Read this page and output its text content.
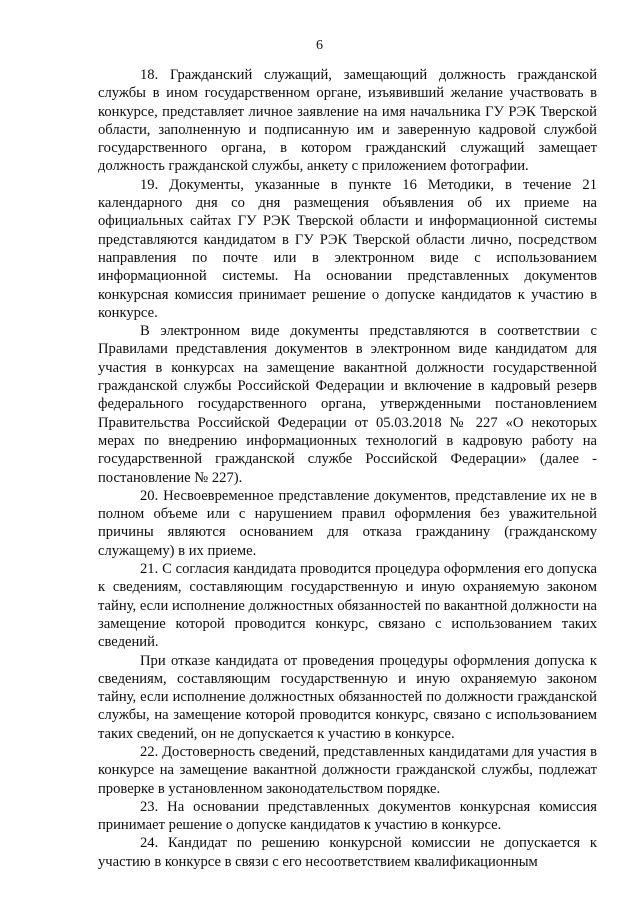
6

18. Гражданский служащий, замещающий должность гражданской службы в ином государственном органе, изъявивший желание участвовать в конкурсе, представляет личное заявление на имя начальника ГУ РЭК Тверской области, заполненную и подписанную им и заверенную кадровой службой государственного органа, в котором гражданский служащий замещает должность гражданской службы, анкету с приложением фотографии.

19. Документы, указанные в пункте 16 Методики, в течение 21 календарного дня со дня размещения объявления об их приеме на официальных сайтах ГУ РЭК Тверской области и информационной системы представляются кандидатом в ГУ РЭК Тверской области лично, посредством направления по почте или в электронном виде с использованием информационной системы. На основании представленных документов конкурсная комиссия принимает решение о допуске кандидатов к участию в конкурсе.

В электронном виде документы представляются в соответствии с Правилами представления документов в электронном виде кандидатом для участия в конкурсах на замещение вакантной должности государственной гражданской службы Российской Федерации и включение в кадровый резерв федерального государственного органа, утвержденными постановлением Правительства Российской Федерации от 05.03.2018 № 227 «О некоторых мерах по внедрению информационных технологий в кадровую работу на государственной гражданской службе Российской Федерации» (далее - постановление № 227).

20. Несвоевременное представление документов, представление их не в полном объеме или с нарушением правил оформления без уважительной причины являются основанием для отказа гражданину (гражданскому служащему) в их приеме.

21. С согласия кандидата проводится процедура оформления его допуска к сведениям, составляющим государственную и иную охраняемую законом тайну, если исполнение должностных обязанностей по вакантной должности на замещение которой проводится конкурс, связано с использованием таких сведений.

При отказе кандидата от проведения процедуры оформления допуска к сведениям, составляющим государственную и иную охраняемую законом тайну, если исполнение должностных обязанностей по должности гражданской службы, на замещение которой проводится конкурс, связано с использованием таких сведений, он не допускается к участию в конкурсе.

22. Достоверность сведений, представленных кандидатами для участия в конкурсе на замещение вакантной должности гражданской службы, подлежат проверке в установленном законодательством порядке.

23. На основании представленных документов конкурсная комиссия принимает решение о допуске кандидатов к участию в конкурсе.

24. Кандидат по решению конкурсной комиссии не допускается к участию в конкурсе в связи с его несоответствием квалификационным
